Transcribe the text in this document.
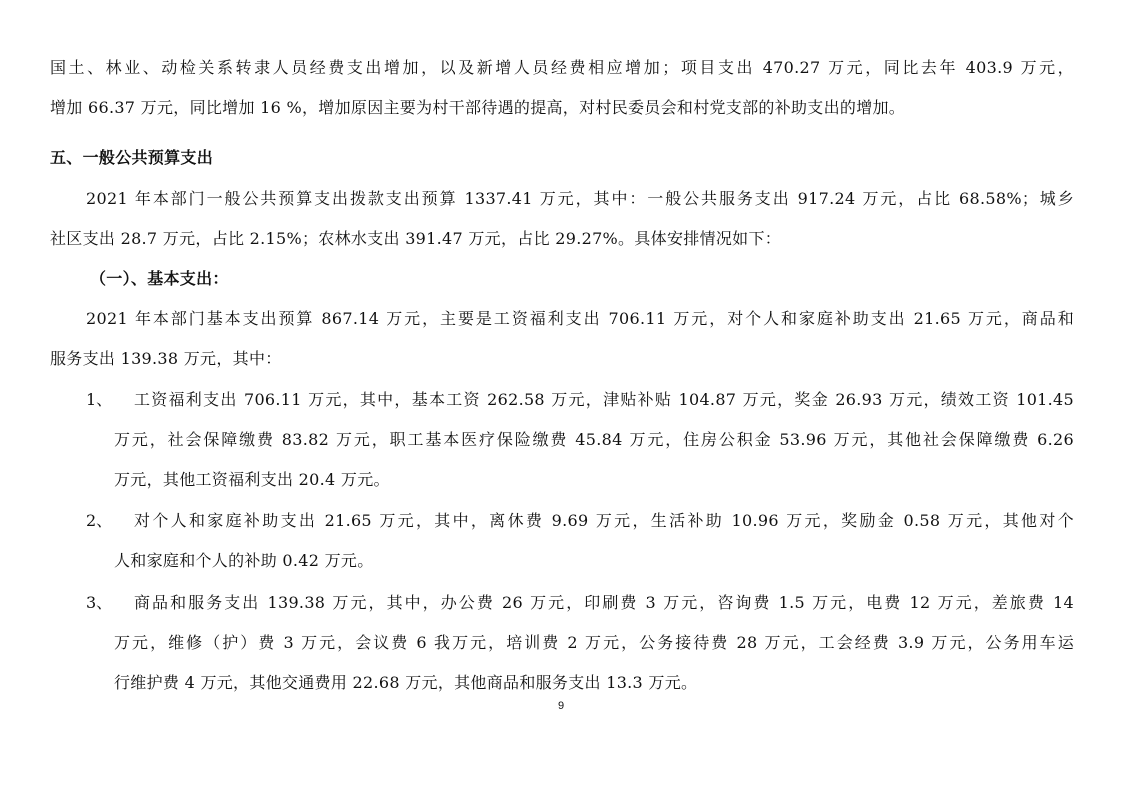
国土、林业、动检关系转隶人员经费支出增加，以及新增人员经费相应增加；项目支出 470.27 万元，同比去年 403.9 万元，
增加 66.37 万元，同比增加 16 %，增加原因主要为村干部待遇的提高，对村民委员会和村党支部的补助支出的增加。
五、一般公共预算支出
2021 年本部门一般公共预算支出拨款支出预算 1337.41 万元，其中：一般公共服务支出 917.24 万元，占比 68.58%；城乡
社区支出 28.7 万元，占比 2.15%；农林水支出 391.47 万元，占比 29.27%。具体安排情况如下：
（一）、基本支出：
2021 年本部门基本支出预算 867.14 万元，主要是工资福利支出 706.11 万元，对个人和家庭补助支出 21.65 万元，商品和
服务支出 139.38 万元，其中：
1、 工资福利支出 706.11 万元，其中，基本工资 262.58 万元，津贴补贴 104.87 万元，奖金 26.93 万元，绩效工资 101.45
万元，社会保障缴费 83.82 万元，职工基本医疗保险缴费 45.84 万元，住房公积金 53.96 万元，其他社会保障缴费 6.26
万元，其他工资福利支出 20.4 万元。
2、 对个人和家庭补助支出 21.65 万元，其中，离休费 9.69 万元，生活补助 10.96 万元，奖励金 0.58 万元，其他对个
人和家庭和个人的补助 0.42 万元。
3、 商品和服务支出 139.38 万元，其中，办公费 26 万元，印刷费 3 万元，咨询费 1.5 万元，电费 12 万元，差旅费 14
万元，维修（护）费 3 万元，会议费 6 我万元，培训费 2 万元，公务接待费 28 万元，工会经费 3.9 万元，公务用车运
行维护费 4 万元，其他交通费用 22.68 万元，其他商品和服务支出 13.3 万元。
9
